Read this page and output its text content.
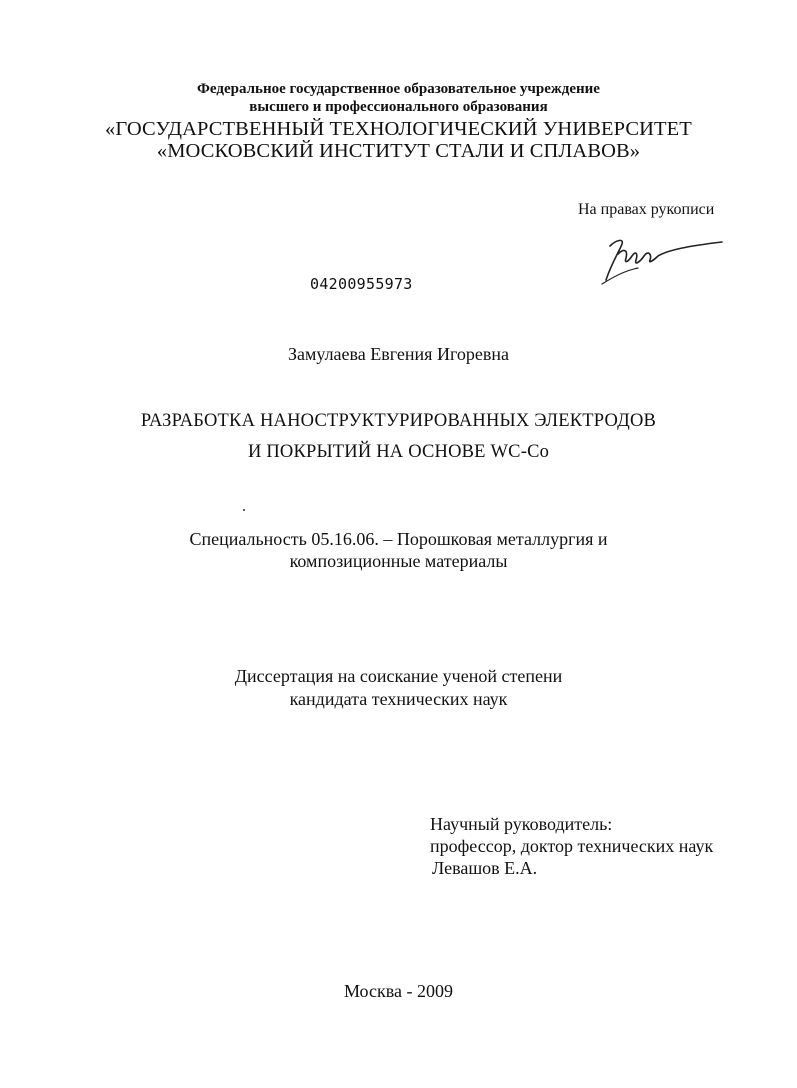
Федеральное государственное образовательное учреждение
высшего и профессионального образования
«ГОСУДАРСТВЕННЫЙ ТЕХНОЛОГИЧЕСКИЙ УНИВЕРСИТЕТ
«МОСКОВСКИЙ ИНСТИТУТ СТАЛИ И СПЛАВОВ»
На правах рукописи
04200955973
Замулаева Евгения Игоревна
РАЗРАБОТКА НАНОСТРУКТУРИРОВАННЫХ ЭЛЕКТРОДОВ
И ПОКРЫТИЙ НА ОСНОВЕ WC-Co
Специальность 05.16.06. – Порошковая металлургия и
композиционные материалы
Диссертация на соискание ученой степени
кандидата технических наук
Научный руководитель:
профессор, доктор технических наук
Левашов Е.А.
Москва - 2009
